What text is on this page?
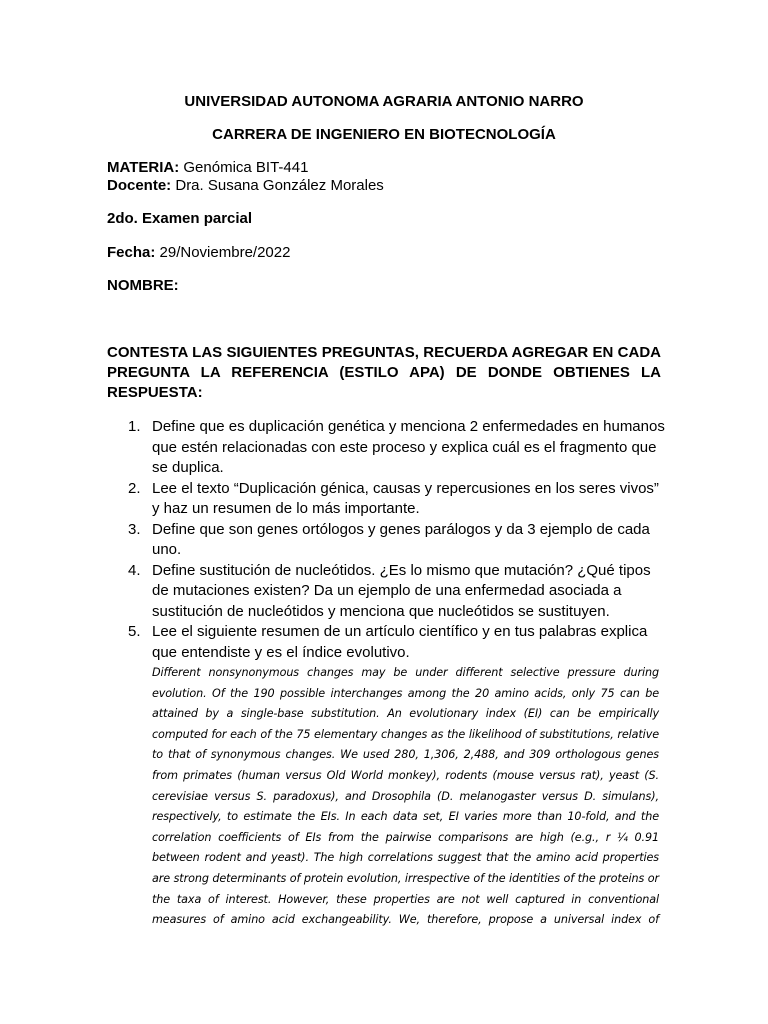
UNIVERSIDAD AUTONOMA AGRARIA ANTONIO NARRO
CARRERA DE INGENIERO EN BIOTECNOLOGÍA
MATERIA: Genómica BIT-441
Docente: Dra. Susana González Morales
2do. Examen parcial
Fecha: 29/Noviembre/2022
NOMBRE:
CONTESTA LAS SIGUIENTES PREGUNTAS, RECUERDA AGREGAR EN CADA PREGUNTA LA REFERENCIA (ESTILO APA) DE DONDE OBTIENES LA RESPUESTA:
1. Define que es duplicación genética y menciona 2 enfermedades en humanos que estén relacionadas con este proceso y explica cuál es el fragmento que se duplica.
2. Lee el texto “Duplicación génica, causas y repercusiones en los seres vivos” y haz un resumen de lo más importante.
3. Define que son genes ortólogos y genes parálogos y da 3 ejemplo de cada uno.
4. Define sustitución de nucleótidos. ¿Es lo mismo que mutación? ¿Qué tipos de mutaciones existen? Da un ejemplo de una enfermedad asociada a sustitución de nucleótidos y menciona que nucleótidos se sustituyen.
5. Lee el siguiente resumen de un artículo científico y en tus palabras explica que entendiste y es el índice evolutivo.
Different nonsynonymous changes may be under different selective pressure during evolution. Of the 190 possible interchanges among the 20 amino acids, only 75 can be attained by a single-base substitution. An evolutionary index (EI) can be empirically computed for each of the 75 elementary changes as the likelihood of substitutions, relative to that of synonymous changes. We used 280, 1,306, 2,488, and 309 orthologous genes from primates (human versus Old World monkey), rodents (mouse versus rat), yeast (S. cerevisiae versus S. paradoxus), and Drosophila (D. melanogaster versus D. simulans), respectively, to estimate the EIs. In each data set, EI varies more than 10-fold, and the correlation coefficients of EIs from the pairwise comparisons are high (e.g., r ¼ 0.91 between rodent and yeast). The high correlations suggest that the amino acid properties are strong determinants of protein evolution, irrespective of the identities of the proteins or the taxa of interest. However, these properties are not well captured in conventional measures of amino acid exchangeability. We, therefore, propose a universal index of
